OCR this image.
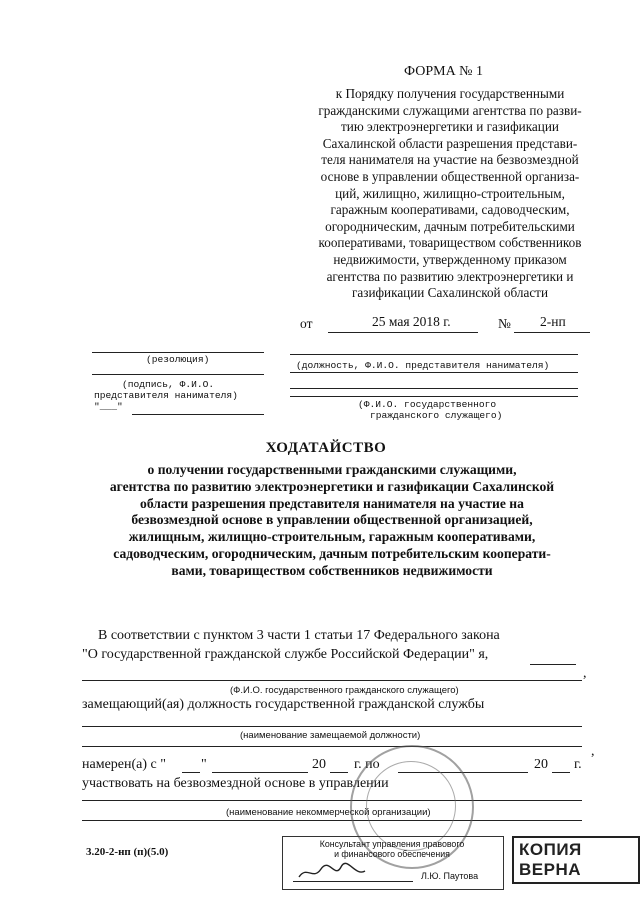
ФОРМА № 1
к Порядку получения государственными
гражданскими служащими агентства по разви-
тию электроэнергетики и газификации
Сахалинской области разрешения представи-
теля нанимателя на участие на безвозмездной
основе в управлении общественной организа-
ций, жилищно, жилищно-строительным,
гаражным кооперативами, садоводческим,
огородническим, дачным потребительскими
кооперативами, товариществом собственников
недвижимости, утвержденному приказом
агентства по развитию электроэнергетики и
газификации Сахалинской области
от	25 мая 2018 г.	№ 2-нп
(резолюция)
(подпись, Ф.И.О.
представителя нанимателя)
"___"
(должность, Ф.И.О. представителя нанимателя)
(Ф.И.О. государственного
гражданского служащего)
ХОДАТАЙСТВО
о получении государственными гражданскими служащими,
агентства по развитию электроэнергетики и газификации Сахалинской
области разрешения представителя нанимателя на участие на
безвозмездной основе в управлении общественной организацией,
жилищным, жилищно-строительным, гаражным кооперативами,
садоводческим, огородническим, дачным потребительским кооперати-
вами, товариществом собственников недвижимости
В соответствии с пунктом 3 части 1 статьи 17 Федерального закона
"О государственной гражданской службе Российской Федерации" я,
,
(Ф.И.О. государственного гражданского служащего)
замещающий(ая) должность государственной гражданской службы
(наименование замещаемой должности)
намерен(а) с "	"	20 г. по	20 г.
,
участвовать на безвозмездной основе в управлении
(наименование некоммерческой организации)
3.20-2-нп (п)(5.0)
Консультант управления правового
и финансового обеспечения
Л.Ю. Паутова
КОПИЯ ВЕРНА
